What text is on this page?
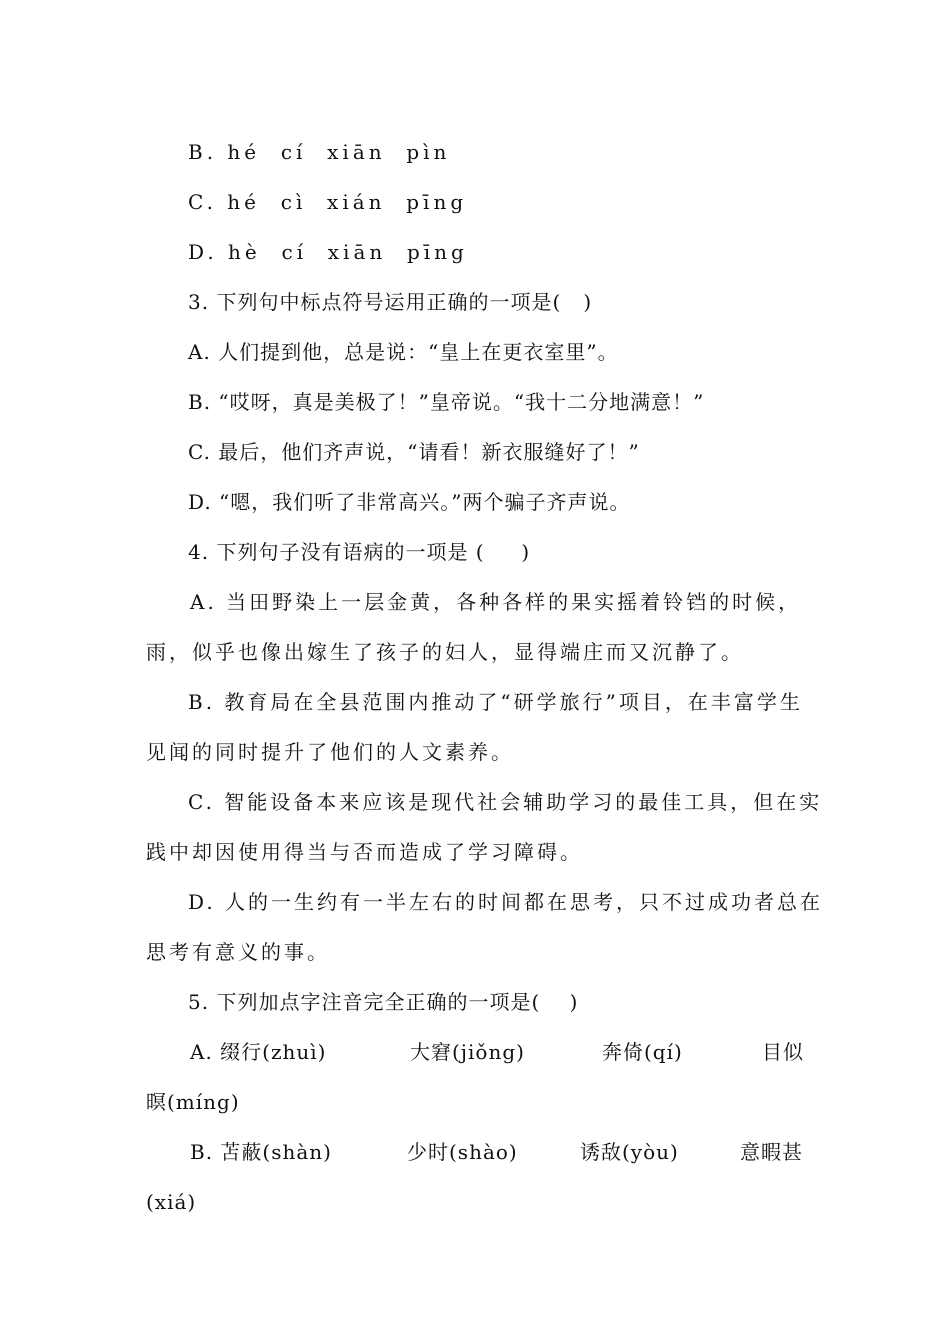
B. hé  cí  xiān  pìn
C. hé  cì  xián  pīng
D. hè  cí  xiān  pīng
3. 下列句中标点符号运用正确的一项是(   )
A. 人们提到他，总是说：“皇上在更衣室里”。
B. “哎呀，真是美极了！”皇帝说。“我十二分地满意！”
C. 最后，他们齐声说，“请看！新衣服缝好了！”
D. “嗯，我们听了非常高兴。”两个骗子齐声说。
4. 下列句子没有语病的一项是 (     )
A. 当田野染上一层金黄，各种各样的果实摇着铃铛的时候，
雨，似乎也像出嫁生了孩子的妇人，显得端庄而又沉静了。
B. 教育局在全县范围内推动了“研学旅行”项目，在丰富学生
见闻的同时提升了他们的人文素养。
C. 智能设备本来应该是现代社会辅助学习的最佳工具，但在实
践中却因使用得当与否而造成了学习障碍。
D. 人的一生约有一半左右的时间都在思考，只不过成功者总在
思考有意义的事。
5. 下列加点字注音完全正确的一项是(    )
A. 缀行(zhuì)	大窘(jiǒng)	奔倚(qí)	目似
暝(míng)
B. 苫蔽(shàn)	少时(shào)	诱敌(yòu)	意暇甚
(xiá)
